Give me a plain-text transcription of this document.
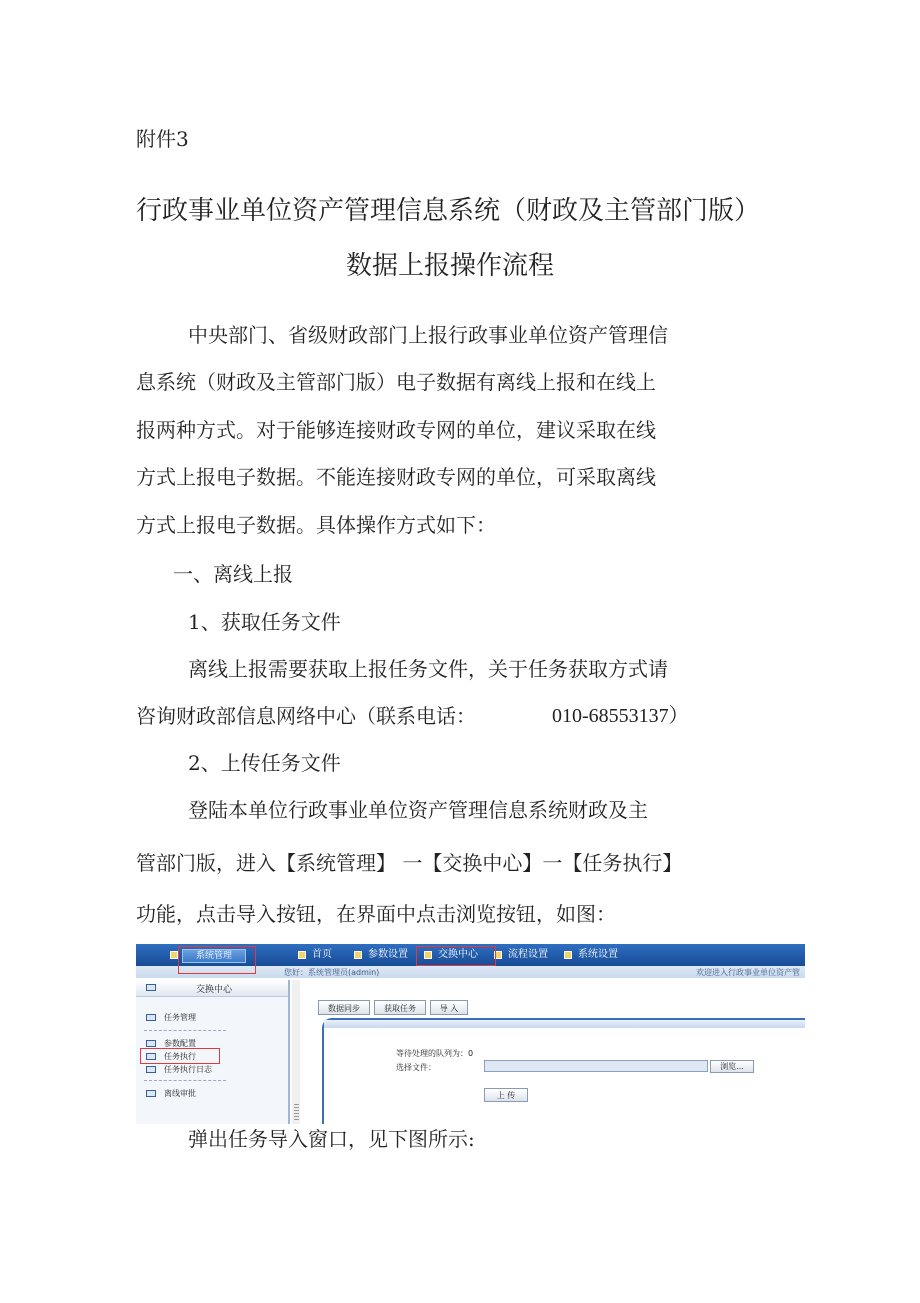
附件3
行政事业单位资产管理信息系统（财政及主管部门版）
数据上报操作流程
中央部门、省级财政部门上报行政事业单位资产管理信
息系统（财政及主管部门版）电子数据有离线上报和在线上
报两种方式。对于能够连接财政专网的单位，建议采取在线
方式上报电子数据。不能连接财政专网的单位，可采取离线
方式上报电子数据。具体操作方式如下：
一、离线上报
1、获取任务文件
离线上报需要获取上报任务文件，关于任务获取方式请
咨询财政部信息网络中心（联系电话：	010-68553137）
2、上传任务文件
登陆本单位行政事业单位资产管理信息系统财政及主
管部门版，进入【系统管理】 一【交换中心】一【任务执行】
功能，点击导入按钮，在界面中点击浏览按钮，如图：
系统管理	首页	参数设置	交换中心	流程设置	系统设置
您好：系统管理员(admin)	欢迎进入行政事业单位资产管
交换中心
任务管理
参数配置
任务执行
任务执行日志
离线审批
数据同步	获取任务	导 入
等待处理的队列为：0
选择文件：	浏览...
上 传
弹出任务导入窗口，见下图所示:
